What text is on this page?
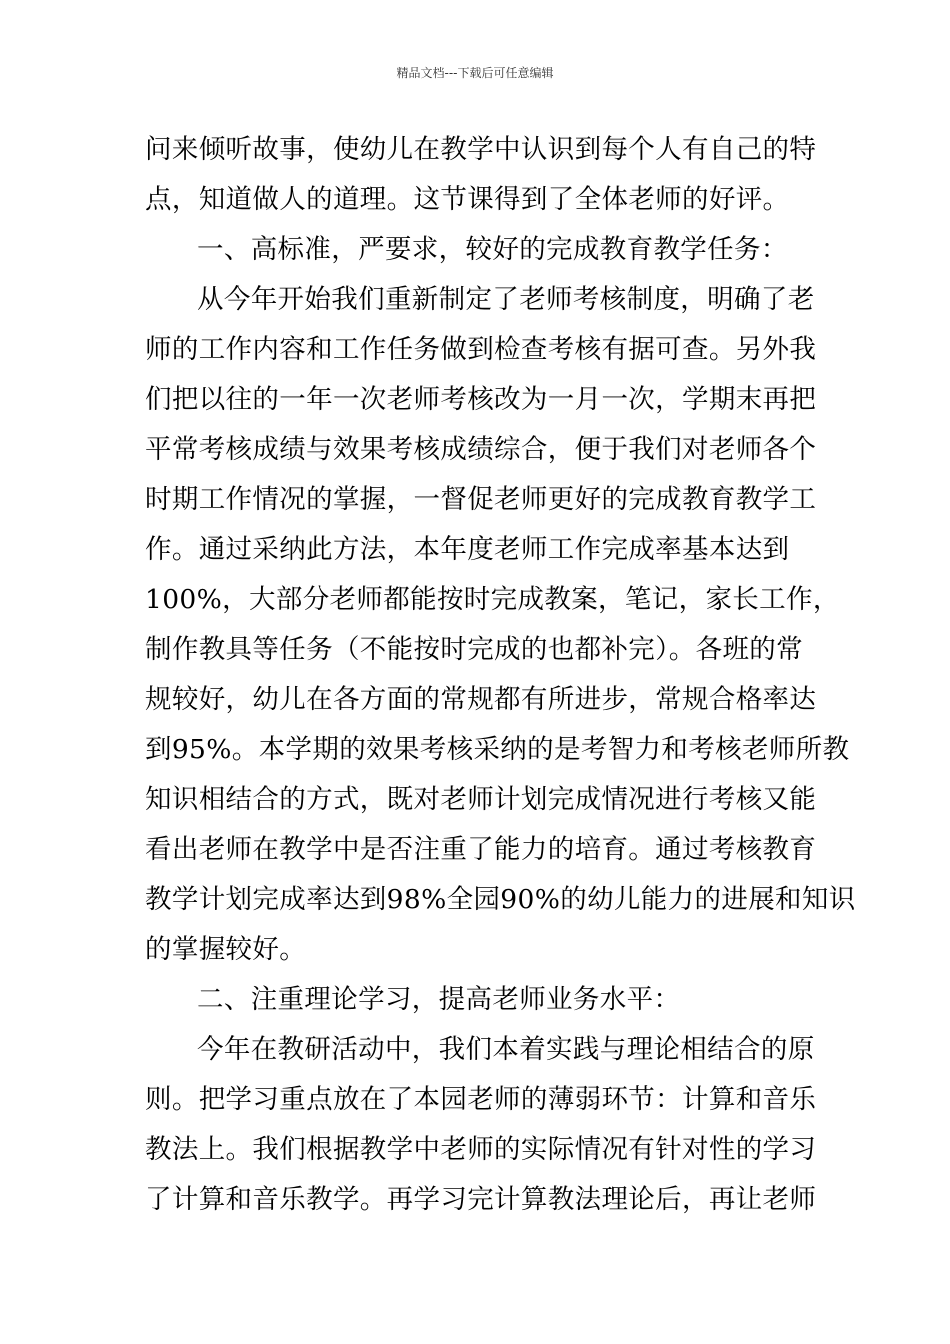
精品文档---下载后可任意编辑
问来倾听故事，使幼儿在教学中认识到每个人有自己的特
点，知道做人的道理。这节课得到了全体老师的好评。
一、高标准，严要求，较好的完成教育教学任务：
从今年开始我们重新制定了老师考核制度，明确了老
师的工作内容和工作任务做到检查考核有据可查。另外我
们把以往的一年一次老师考核改为一月一次，学期末再把
平常考核成绩与效果考核成绩综合，便于我们对老师各个
时期工作情况的掌握，一督促老师更好的完成教育教学工
作。通过采纳此方法，本年度老师工作完成率基本达到
100%，大部分老师都能按时完成教案，笔记，家长工作，
制作教具等任务（不能按时完成的也都补完）。各班的常
规较好，幼儿在各方面的常规都有所进步，常规合格率达
到95%。本学期的效果考核采纳的是考智力和考核老师所教
知识相结合的方式，既对老师计划完成情况进行考核又能
看出老师在教学中是否注重了能力的培育。通过考核教育
教学计划完成率达到98%全园90%的幼儿能力的进展和知识
的掌握较好。
二、注重理论学习，提高老师业务水平：
今年在教研活动中，我们本着实践与理论相结合的原
则。把学习重点放在了本园老师的薄弱环节：计算和音乐
教法上。我们根据教学中老师的实际情况有针对性的学习
了计算和音乐教学。再学习完计算教法理论后，再让老师
